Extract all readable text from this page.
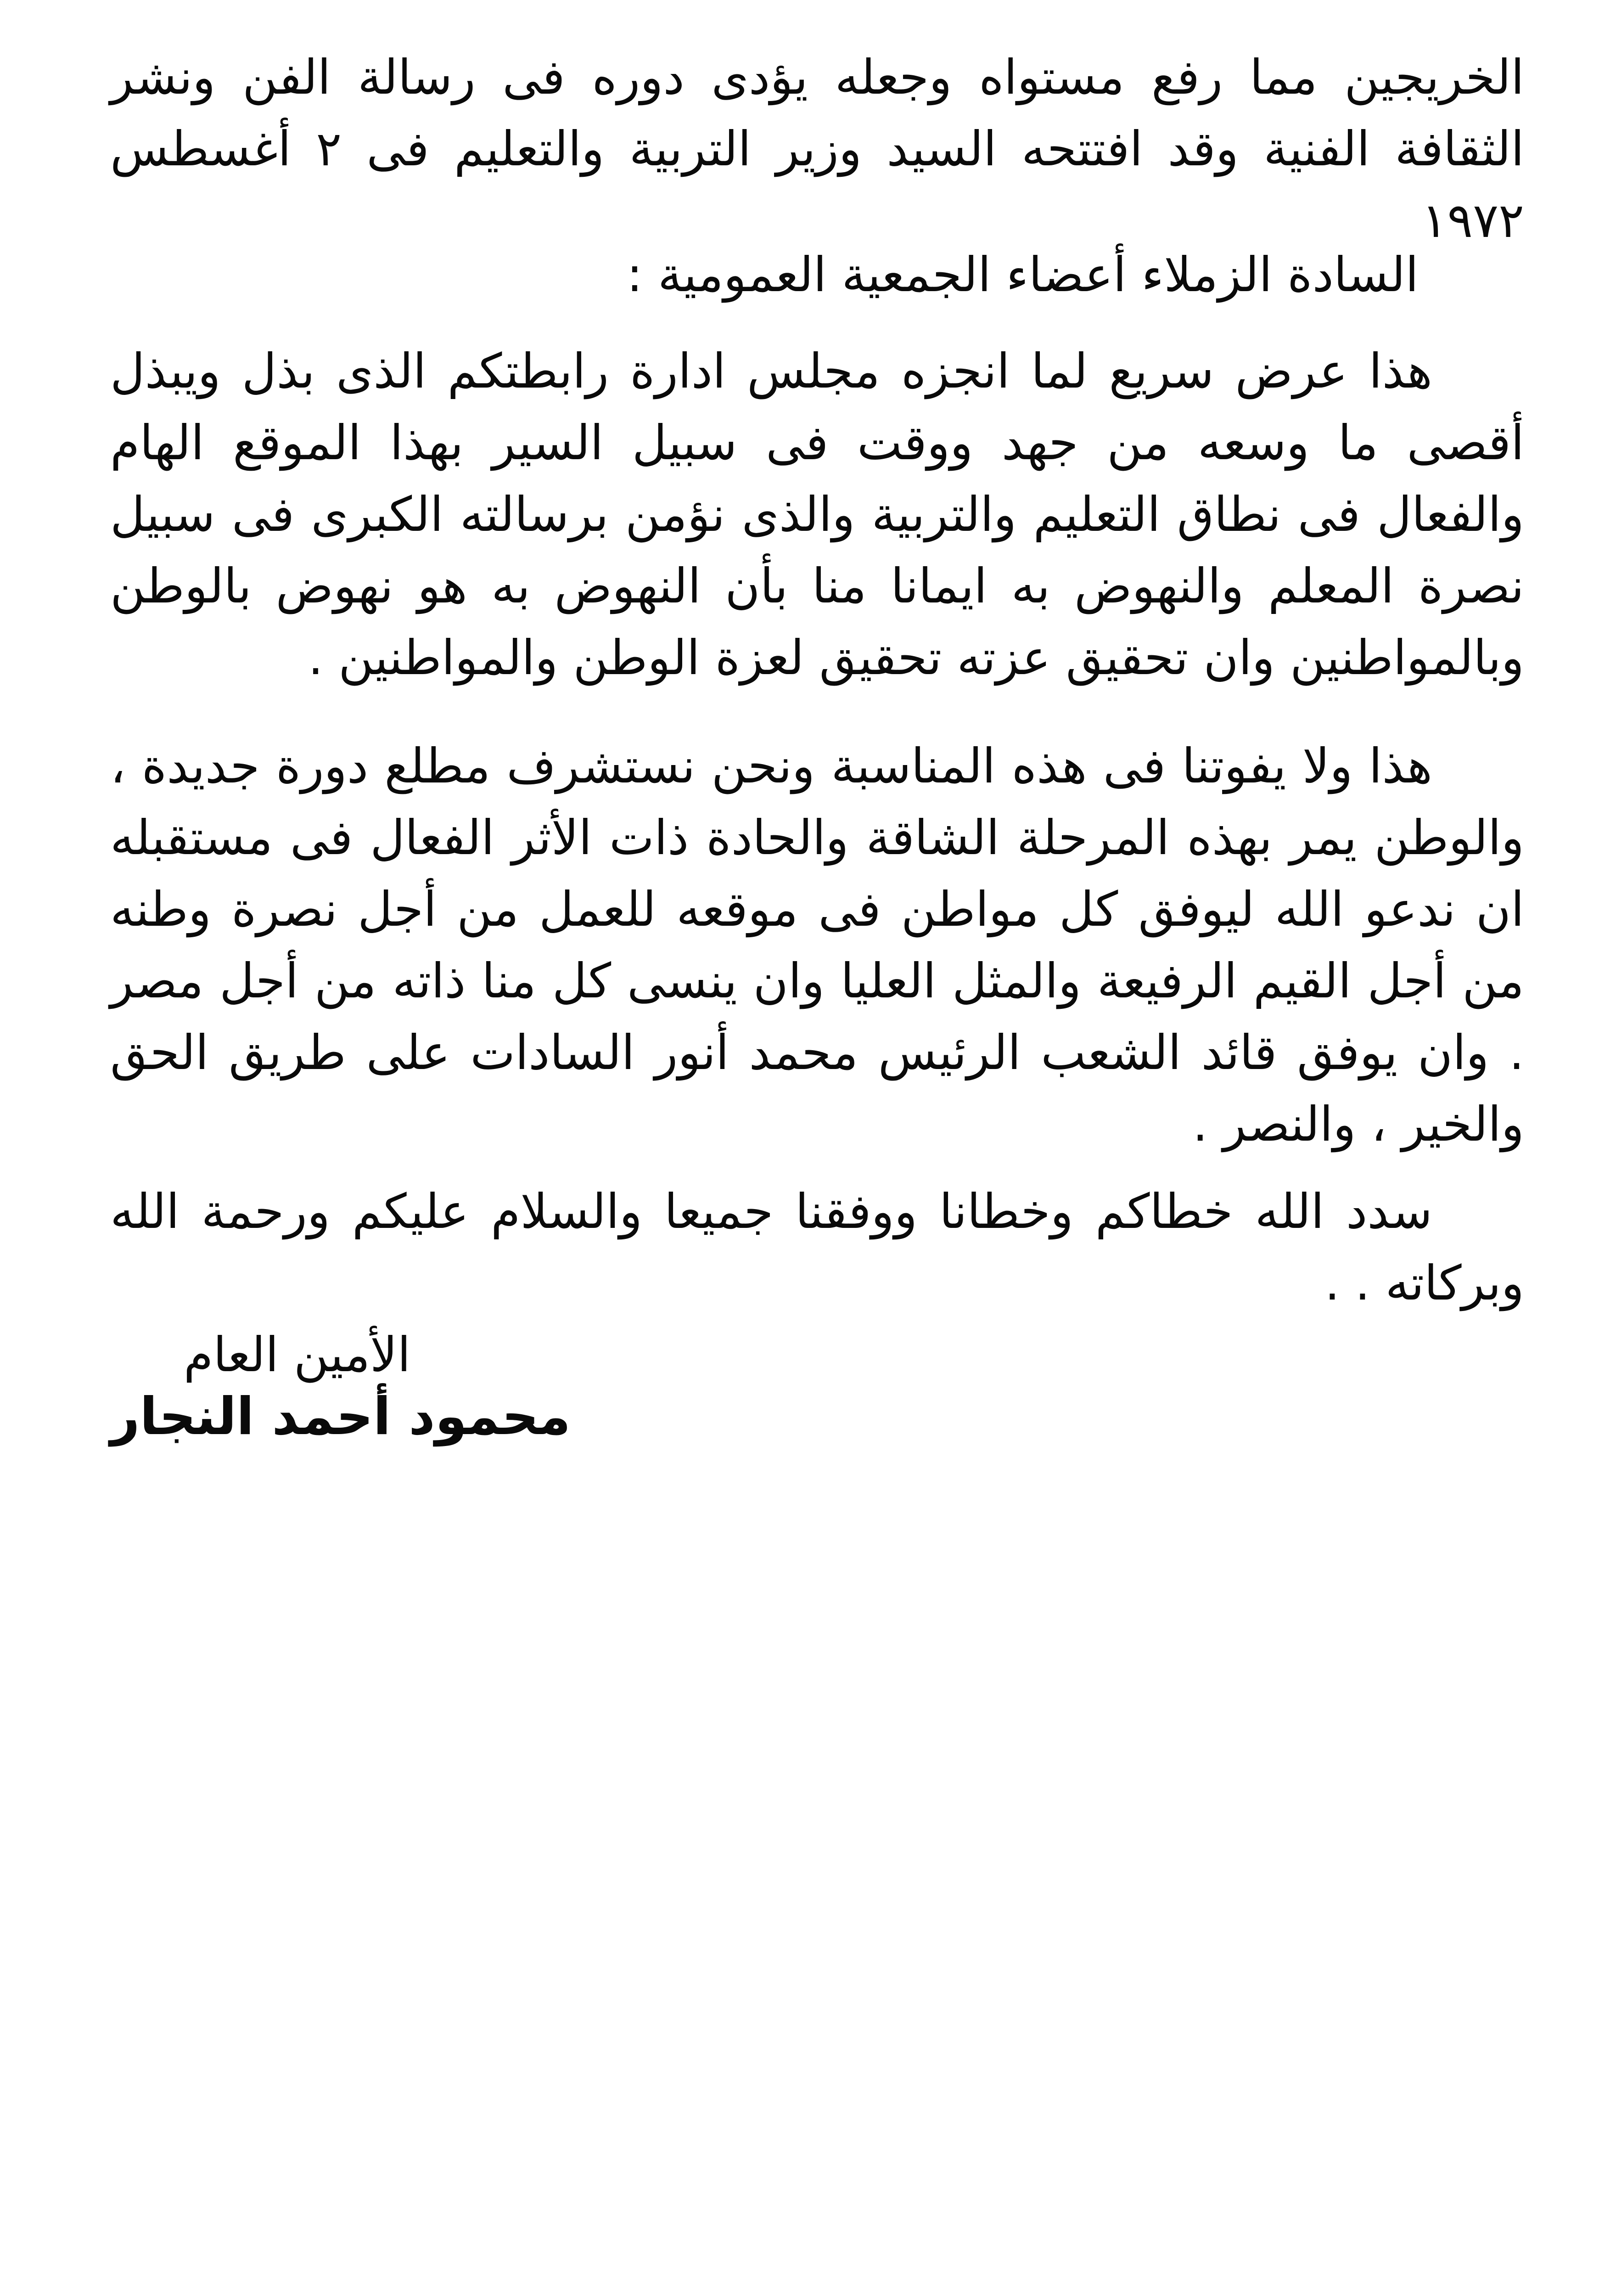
الخريجين مما رفع مستواه وجعله يؤدى دوره فى رسالة الفن ونشر الثقافة الفنية وقد افتتحه السيد وزير التربية والتعليم فى ٢ أغسطس ١٩٧٢

السادة الزملاء أعضاء الجمعية العمومية :

هذا عرض سريع لما انجزه مجلس ادارة رابطتكم الذى بذل ويبذل أقصى ما وسعه من جهد ووقت فى سبيل السير بهذا الموقع الهام والفعال فى نطاق التعليم والتربية والذى نؤمن برسالته الكبرى فى سبيل نصرة المعلم والنهوض به ايمانا منا بأن النهوض به هو نهوض بالوطن وبالمواطنين وان تحقيق عزته تحقيق لعزة الوطن والمواطنين .

هذا ولا يفوتنا فى هذه المناسبة ونحن نستشرف مطلع دورة جديدة ، والوطن يمر بهذه المرحلة الشاقة والحادة ذات الأثر الفعال فى مستقبله ان ندعو الله ليوفق كل مواطن فى موقعه للعمل من أجل نصرة وطنه من أجل القيم الرفيعة والمثل العليا وان ينسى كل منا ذاته من أجل مصر . وان يوفق قائد الشعب الرئيس محمد أنور السادات على طريق الحق والخير ، والنصر .

سدد الله خطاكم وخطانا ووفقنا جميعا والسلام عليكم ورحمة الله وبركاته . .

الأمين العام

محمود أحمد النجار
